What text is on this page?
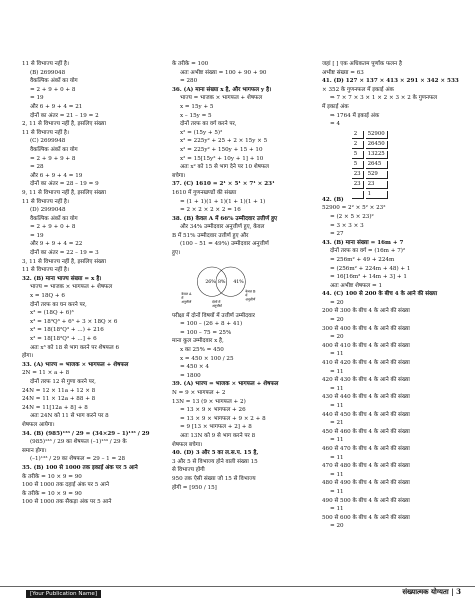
11 से विभाज्य नहीं है।
(B) 2699048
वैकल्पिक अंकों का योग
= 2 + 9 + 0 + 8
= 19
और 6 + 9 + 4 = 21
दोनों का अंतर = 21 – 19 = 2
2, 11 से विभाज्य नहीं है, इसलिए संख्या
11 से विभाज्य नहीं है।
(C) 2699948
वैकल्पिक अंकों का योग
= 2 + 9 + 9 + 8
= 28
और 6 + 9 + 4 = 19
दोनों का अंतर = 28 – 19 = 9
9, 11 से विभाज्य नहीं है, इसलिए संख्या
11 से विभाज्य नहीं है।
(D) 2999048
वैकल्पिक अंकों का योग
= 2 + 9 + 0 + 8
= 19
और 9 + 9 + 4 = 22
दोनों का अंतर = 22 – 19 = 3
3, 11 से विभाज्य नहीं है, इसलिए संख्या
11 से विभाज्य नहीं है।
32. (B) माना भाज्य संख्या = x है।
भाज्य = भाजक × भागफल + शेषफल
x = 18Q + 6
दोनों तरफ का घन करने पर,
x³ = (18Q + 6)³
x³ = 18³Q³ + 6³ + 3 × 18Q × 6
x³ = 18(18²Q³ + ...) + 216
x³ = 18[18²Q³ + ...] + 6
अतः x³ को 18 से भाग करने पर शेषफल 6
होगा।
33. (A) भाज्य = भाजक × भागफल + शेषफल
2N = 11 × a + 8
दोनों तरफ 12 से गुणा करने पर,
24N = 12 × 11a + 12 × 8
24N = 11 × 12a + 88 + 8
24N = 11[12a + 8] + 8
अतः 24N को 11 से भाग करने पर 8
शेषफल आयेगा।
34. (B) (985)¹³³ / 29 = (34×29 – 1)¹³³ / 29
(985)¹³³ / 29 का शेषफल (–1)¹³³ / 29 के
समान होगा।
(–1)¹³³ / 29 का शेषफल = 29 – 1 = 28
35. (B) 100 से 1000 तक इकाई अंक पर 5 आने
के तरीके = 10 × 9 = 90
100 से 1000 तक दहाई अंक पर 5 आने
के तरीके = 10 × 9 = 90
100 से 1000 तक सैकड़ा अंक पर 5 आने
के तरीके = 100
अतः अभीष्ट संख्या = 100 + 90 + 90
= 280
36. (A) माना संख्या x है, और भागफल y है।
भाज्य = भाजक × भागफल + शेषफल
x = 15y + 5
x – 15y = 5
दोनों तरफ का वर्ग करने पर,
x² = (15y + 5)²
x² = 225y² + 25 + 2 × 15y × 5
x² = 225y² + 150y + 15 + 10
x² = 15[15y² + 10y + 1] + 10
अतः x² को 15 से भाग देने पर 10 शेषफल
बचेगा।
37. (C) 1610 = 2¹ × 5¹ × 7¹ × 23¹
1610 में गुणनखण्डों की संख्या
= (1 + 1)(1 + 1)(1 + 1)(1 + 1)
= 2 × 2 × 2 × 2 = 16
38. (B) केवल A में 66% उम्मीदवार उत्तीर्ण हुए
और 34% उम्मीदवार अनुत्तीर्ण हुए, केवल
B में 51% उम्मीदवार उत्तीर्ण हुए और
(100 – 51 = 49%) उम्मीदवार अनुत्तीर्ण
हुए।
26% 8% 41%
केवल A
में
अनुत्तीर्ण
केवल B
में
अनुत्तीर्ण
दोनों में
अनुत्तीर्ण
परीक्षा में दोनों विषयों में उत्तीर्ण उम्मीदवार
= 100 – (26 + 8 + 41)
= 100 – 75 = 25%
माना कुल उम्मीदवार x है,
x का 25% = 450
x = 450 × 100 / 25
= 450 × 4
= 1800
39. (A) भाज्य = भाजक × भागफल + शेषफल
N = 9 × भागफल + 2
13N = 13 (9 × भागफल + 2)
= 13 × 9 × भागफल + 26
= 13 × 9 × भागफल + 9 × 2 + 8
= 9 [13 × भागफल + 2] + 8
अतः 13N को 9 से भाग करने पर 8
शेषफल बचेगा।
40. (D) 3 और 5 का ल.स.प. 15 है,
3 और 5 से विभाज्य होने वाली संख्या 15
से विभाज्य होगी
950 तक ऐसी संख्या जो 15 से विभाज्य
होगी = [950 / 15]
जहां [ ] एक अधिकतम पूर्णांक फलन है
अभीष्ट संख्या = 63
41. (D) 127 × 137 × 413 × 291 × 342 × 533
× 352 के गुणनफल में इकाई अंक
⇒ 7 × 7 × 3 × 1 × 2 × 3 × 2 के गुणनफल
में इकाई अंक
⇒ 1764 में इकाई अंक
= 4
42. (B)2	52900
2	26450
5	13225
5	2645
23	529
23	23
	1
52900 = 2² × 5² × 23²
= (2 × 5 × 23)²
= 3 × 3 × 3
= 27
43. (B) माना संख्या = 16m + 7
दोनों तरफ का वर्ग = (16m + 7)²
= 256m² + 49 + 224m
= (256m² + 224m + 48) + 1
= 16[16m² + 14m + 3] + 1
अतः अभीष्ट शेषफल = 1
44. (C) 100 से 200 के बीच 4 के आने की संख्या
= 20
200 से 300 के बीच 4 के आने की संख्या
= 20
300 से 400 के बीच 4 के आने की संख्या
= 20
400 से 410 के बीच 4 के आने की संख्या
= 11
410 से 420 के बीच 4 के आने की संख्या
= 11
420 से 430 के बीच 4 के आने की संख्या
= 11
430 से 440 के बीच 4 के आने की संख्या
= 11
440 से 450 के बीच 4 के आने की संख्या
= 21
450 से 460 के बीच 4 के आने की संख्या
= 11
460 से 470 के बीच 4 के आने की संख्या
= 11
470 से 480 के बीच 4 के आने की संख्या
= 11
480 से 490 के बीच 4 के आने की संख्या
= 11
490 से 500 के बीच 4 के आने की संख्या
= 11
500 से 600 के बीच 4 के आने की संख्या
= 20
[Your Publication Name]	संख्यात्मक योग्यता | 3
